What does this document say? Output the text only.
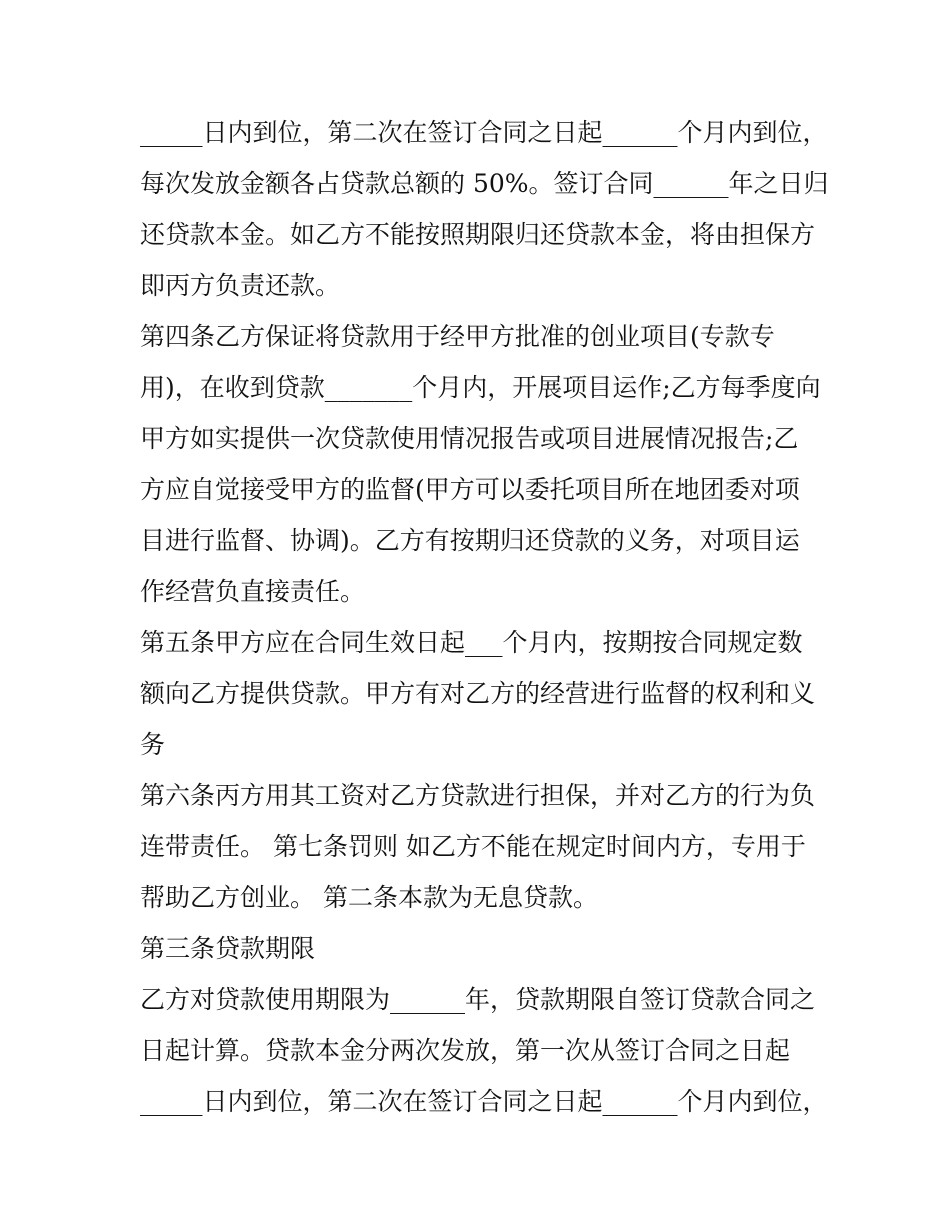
_____日内到位，第二次在签订合同之日起______个月内到位，
每次发放金额各占贷款总额的 50%。签订合同______年之日归
还贷款本金。如乙方不能按照期限归还贷款本金，将由担保方
即丙方负责还款。
第四条乙方保证将贷款用于经甲方批准的创业项目(专款专
用)，在收到贷款_______个月内，开展项目运作;乙方每季度向
甲方如实提供一次贷款使用情况报告或项目进展情况报告;乙
方应自觉接受甲方的监督(甲方可以委托项目所在地团委对项
目进行监督、协调)。乙方有按期归还贷款的义务，对项目运
作经营负直接责任。
第五条甲方应在合同生效日起___个月内，按期按合同规定数
额向乙方提供贷款。甲方有对乙方的经营进行监督的权利和义
务
第六条丙方用其工资对乙方贷款进行担保，并对乙方的行为负
连带责任。 第七条罚则 如乙方不能在规定时间内方，专用于
帮助乙方创业。 第二条本款为无息贷款。
第三条贷款期限
乙方对贷款使用期限为______年，贷款期限自签订贷款合同之
日起计算。贷款本金分两次发放，第一次从签订合同之日起
_____日内到位，第二次在签订合同之日起______个月内到位，
